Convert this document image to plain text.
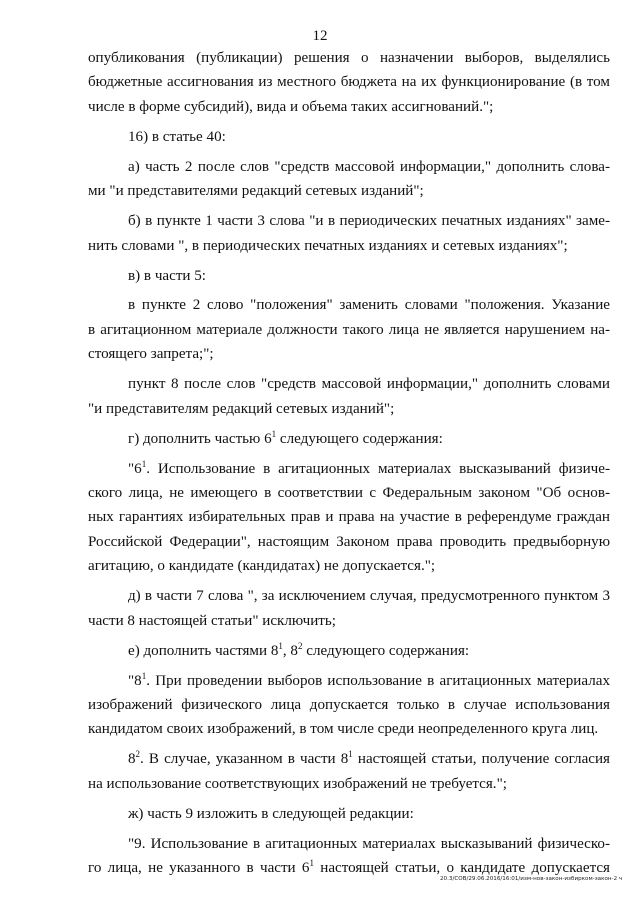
12
опубликования (публикации) решения о назначении выборов, выделялись
бюджетные ассигнования из местного бюджета на их функционирование (в том
числе в форме субсидий), вида и объема таких ассигнований.";
16) в статье 40:
а) часть 2 после слов "средств массовой информации," дополнить слова-
ми "и представителями редакций сетевых изданий";
б) в пункте 1 части 3 слова "и в периодических печатных изданиях" заме-
нить словами ", в периодических печатных изданиях и сетевых изданиях";
в) в части 5:
в пункте 2 слово "положения" заменить словами "положения. Указание
в агитационном материале должности такого лица не является нарушением на-
стоящего запрета;";
пункт 8 после слов "средств массовой информации," дополнить словами
"и представителям редакций сетевых изданий";
г) дополнить частью $6^1$ следующего содержания:
"$6^1$. Использование в агитационных материалах высказываний физиче-
ского лица, не имеющего в соответствии с Федеральным законом "Об основ-
ных гарантиях избирательных прав и права на участие в референдуме граждан
Российской Федерации", настоящим Законом права проводить предвыборную
агитацию, о кандидате (кандидатах) не допускается.";
д) в части 7 слова ", за исключением случая, предусмотренного пунктом 3
части 8 настоящей статьи" исключить;
е) дополнить частями $8^1$, $8^2$ следующего содержания:
"$8^1$. При проведении выборов использование в агитационных материалах
изображений физического лица допускается только в случае использования
кандидатом своих изображений, в том числе среди неопределенного круга лиц.
$8^2$. В случае, указанном в части $8^1$ настоящей статьи, получение согласия
на использование соответствующих изображений не требуется.";
ж) часть 9 изложить в следующей редакции:
"9. Использование в агитационных материалах высказываний физическо-
го лица, не указанного в части $6^1$ настоящей статьи, о кандидате допускается
20.3/СОВ/29.06.2016/16:01/изм-нов-закон-избирком-закон-2 ч
